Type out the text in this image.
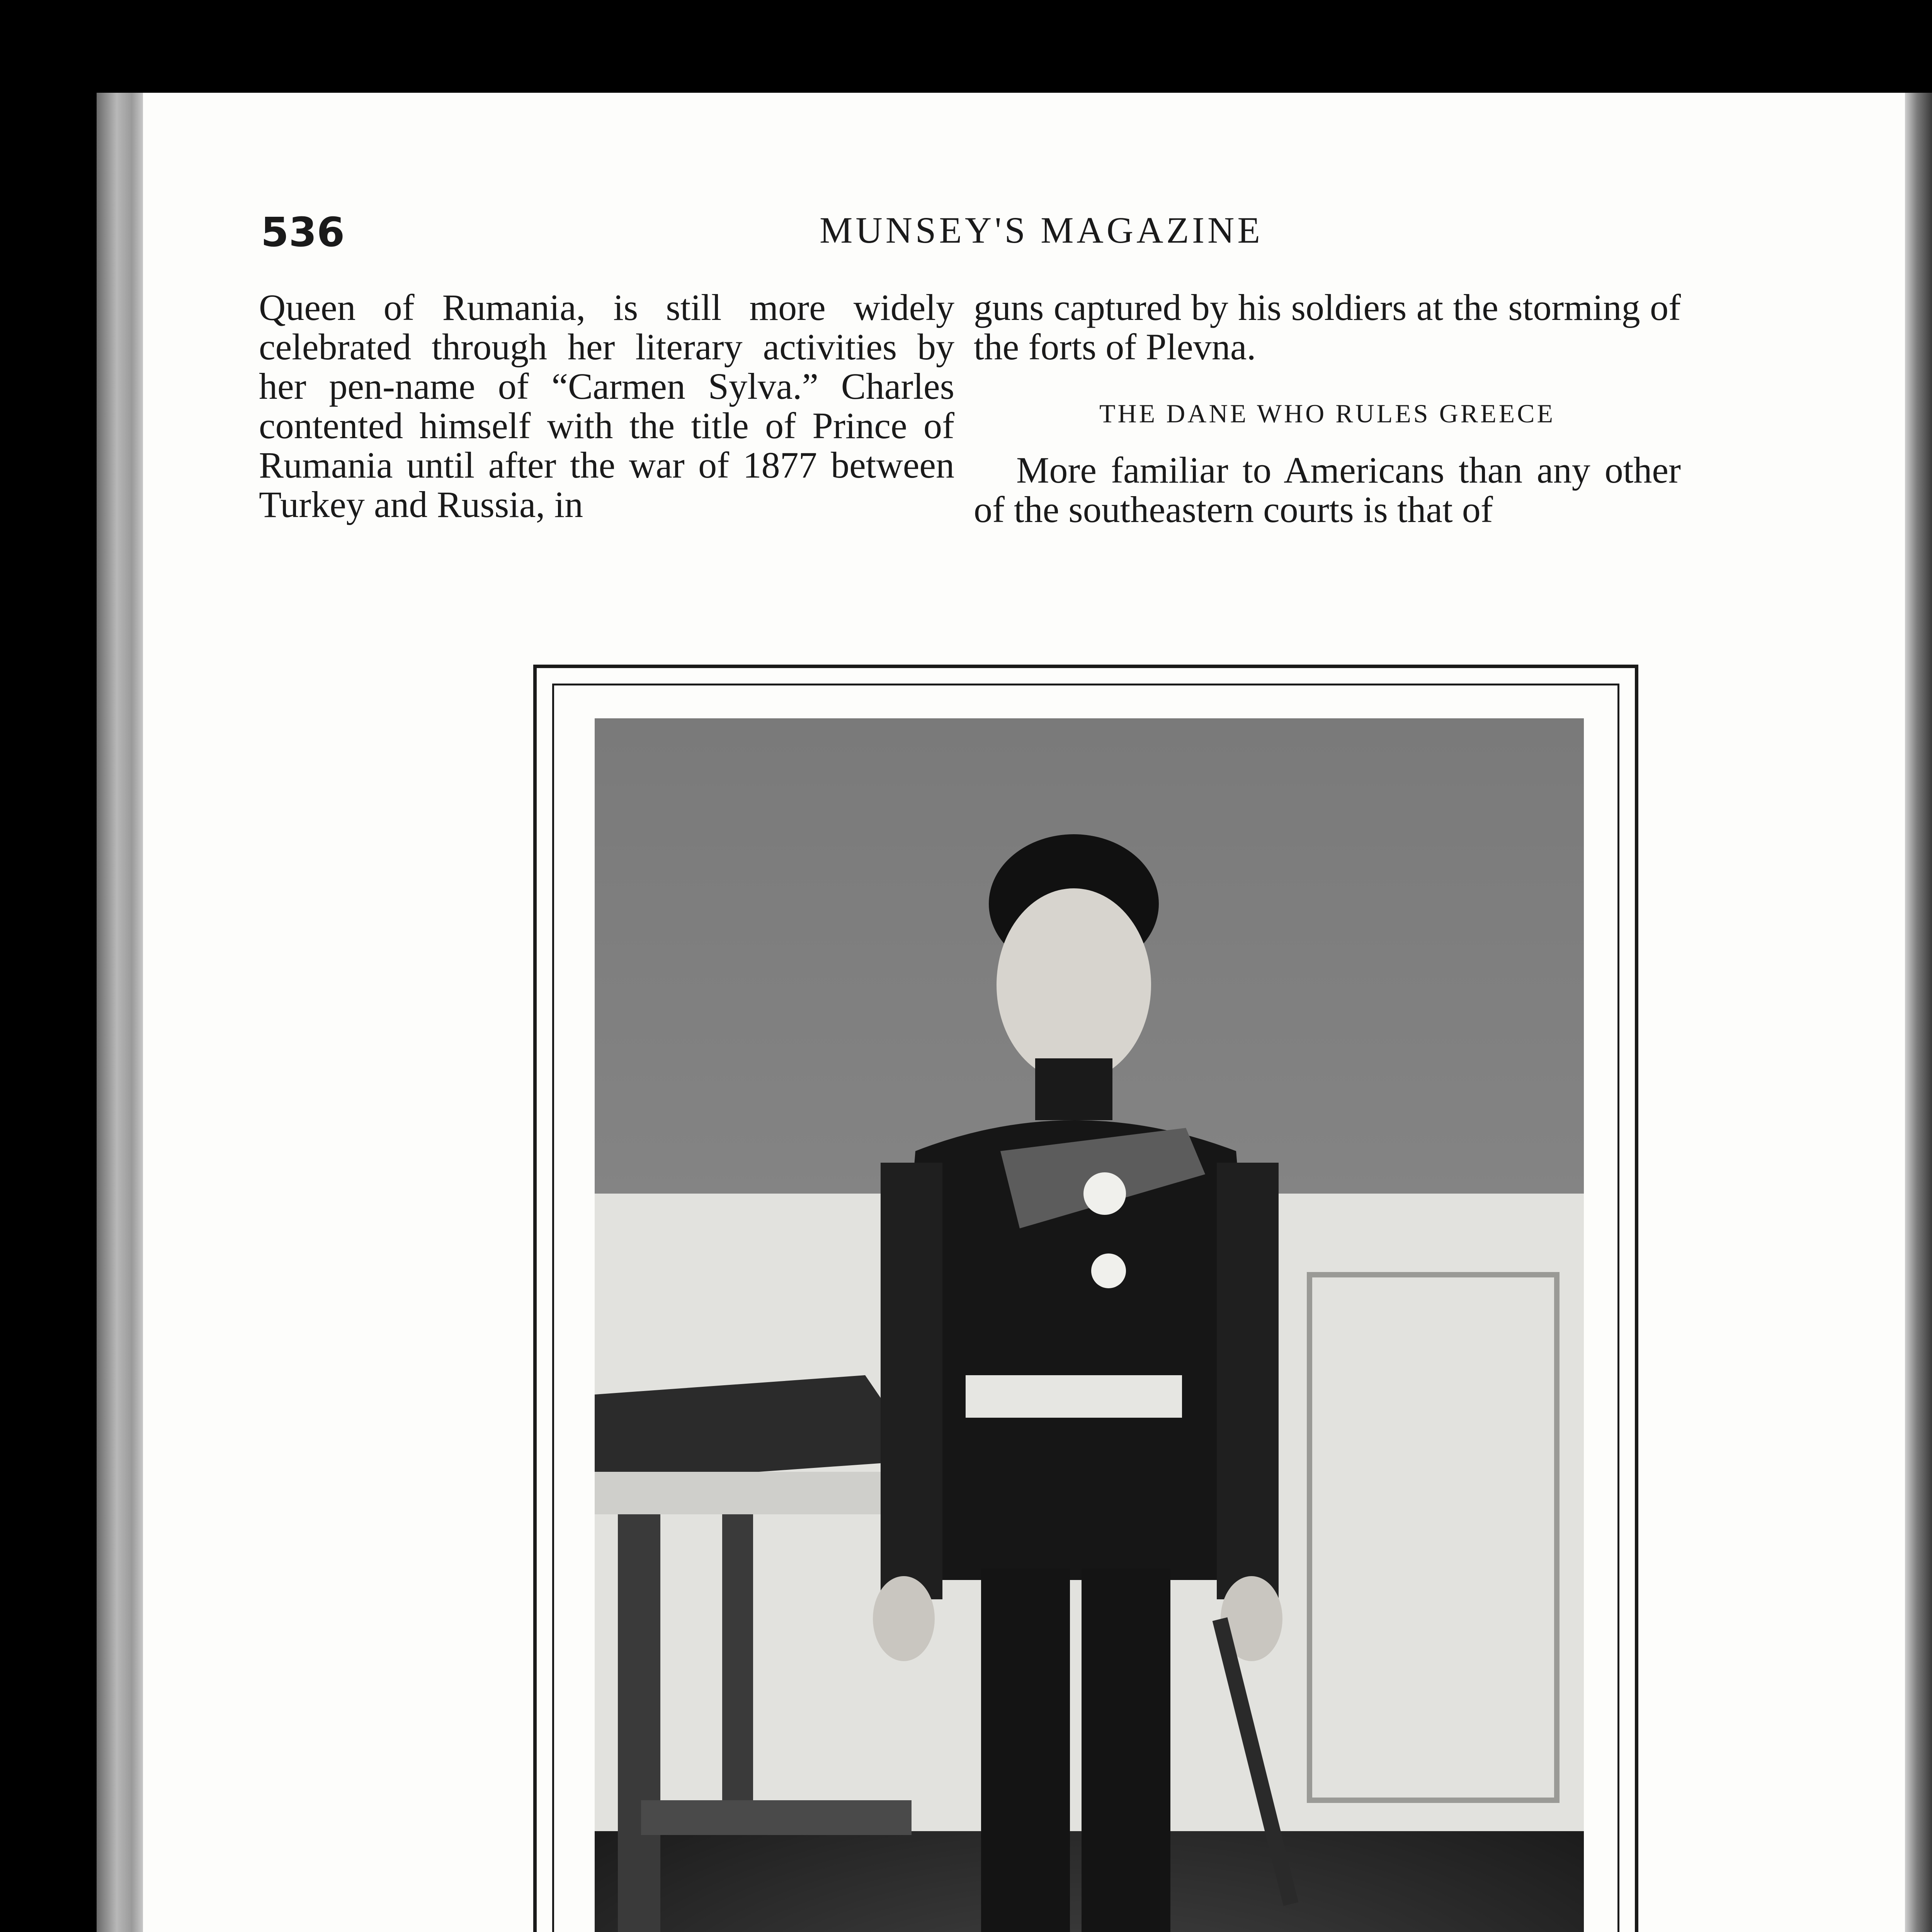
536	MUNSEY'S MAGAZINE

Queen of Rumania, is still more widely celebrated through her literary activities by her pen-name of “Carmen Sylva.” Charles contented himself with the title of Prince of Rumania until after the war of 1877 between Turkey and Russia, in

guns captured by his soldiers at the storming of the forts of Plevna.

THE DANE WHO RULES GREECE

More familiar to Americans than any other of the southeastern courts is that of
